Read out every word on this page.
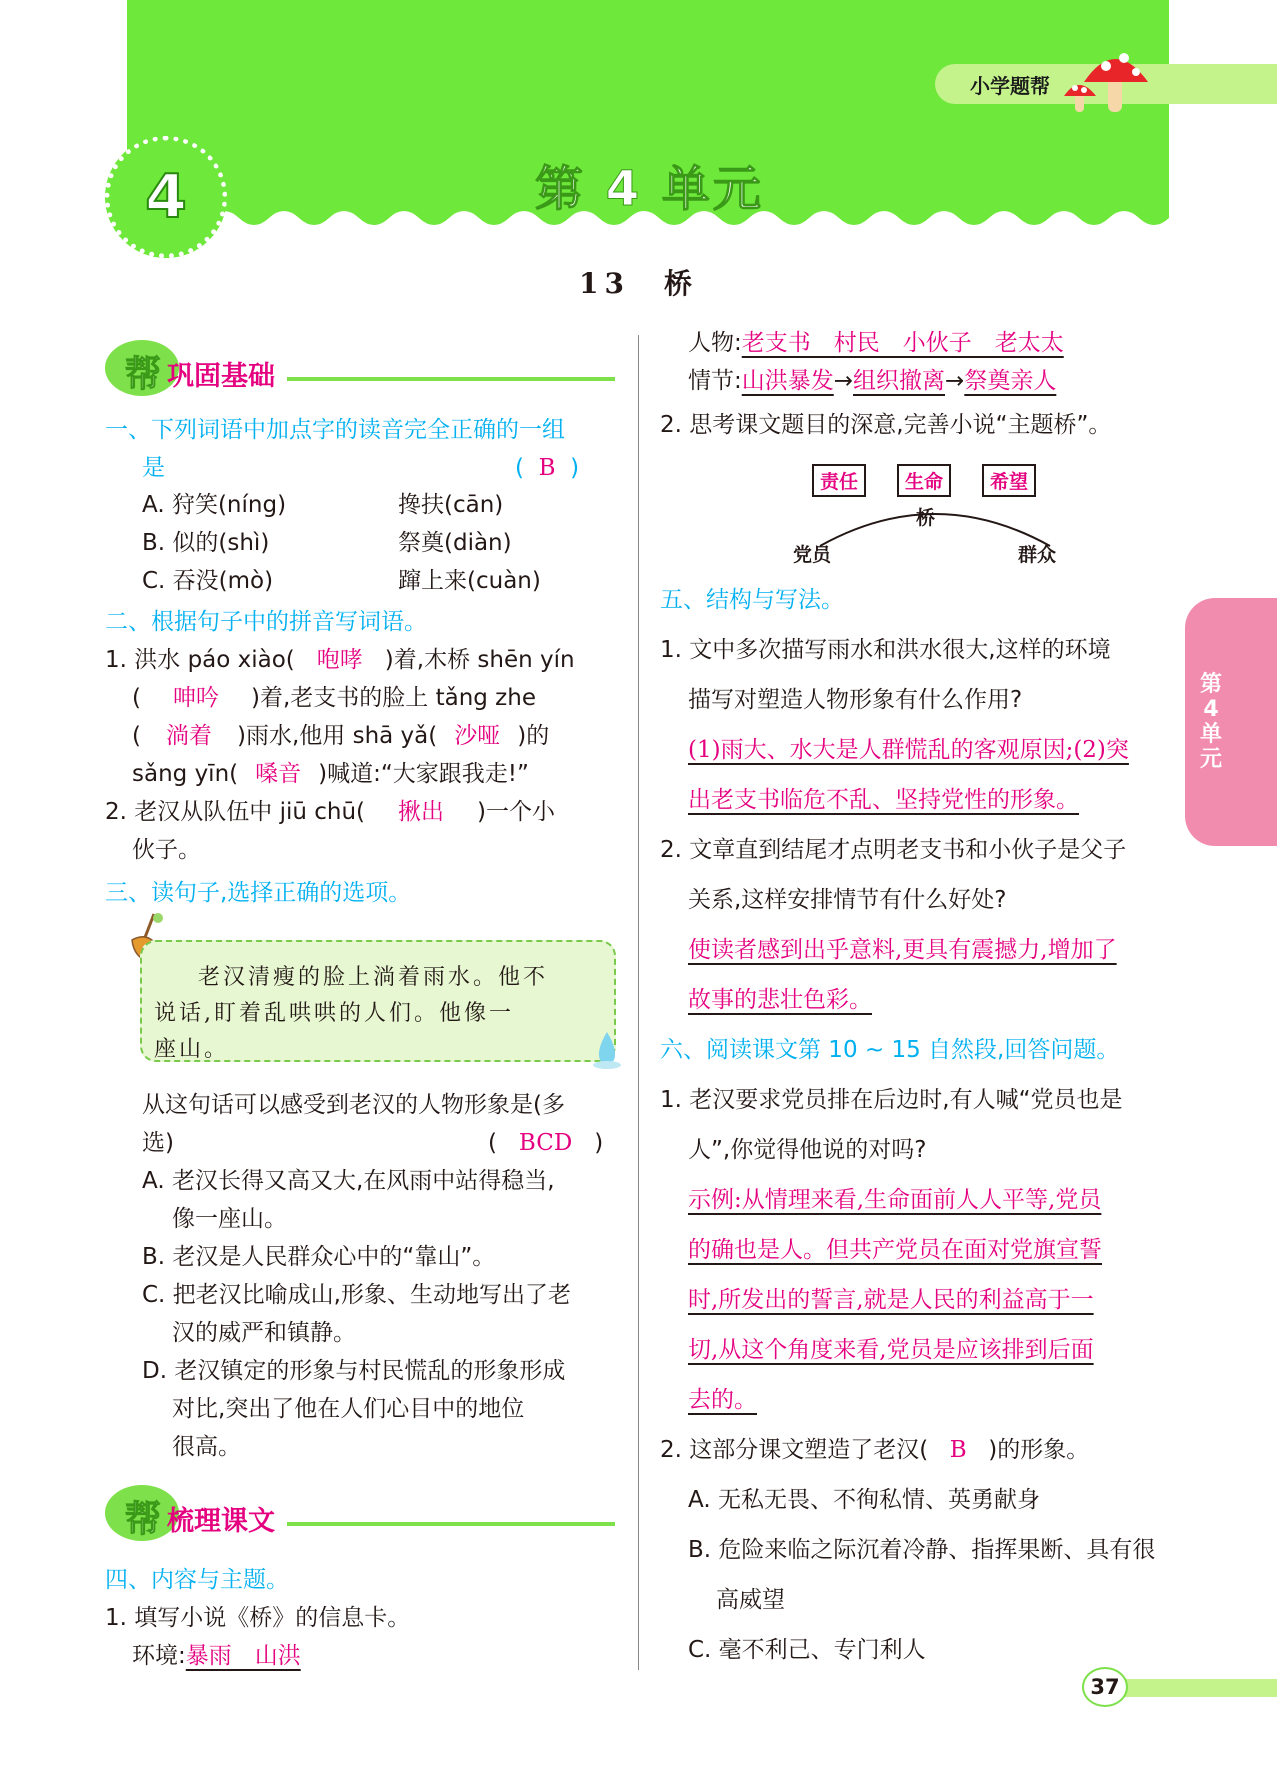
小学题帮
4	第 4 单元
13　桥
第4单元
帮 巩固基础
一、下列词语中加点字的读音完全正确的一组
是	(  B  )
A. 狩笑(níng)	搀扶(cān)
B. 似的(shì)	祭奠(diàn)
C. 吞没(mò)	蹿上来(cuàn)
二、根据句子中的拼音写词语。
1. 洪水 páo xiào( 咆哮 )着,木桥 shēn yín
( 呻吟 )着,老支书的脸上 tǎng zhe
( 淌着 )雨水,他用 shā yǎ( 沙哑 )的
sǎng yīn( 嗓音 )喊道:“大家跟我走!”
2. 老汉从队伍中 jiū chū( 揪出 )一个小
伙子。
三、读句子,选择正确的选项。
老汉清瘦的脸上淌着雨水。他不
说话,盯着乱哄哄的人们。他像一
座山。
从这句话可以感受到老汉的人物形象是(多
选)	(   BCD   )
A. 老汉长得又高又大,在风雨中站得稳当,
像一座山。
B. 老汉是人民群众心中的“靠山”。
C. 把老汉比喻成山,形象、生动地写出了老
汉的威严和镇静。
D. 老汉镇定的形象与村民慌乱的形象形成
对比,突出了他在人们心目中的地位
很高。
帮 梳理课文
四、内容与主题。
1. 填写小说《桥》的信息卡。
环境:暴雨　山洪
人物:老支书　村民　小伙子　老太太
情节:山洪暴发→组织撤离→祭奠亲人
2. 思考课文题目的深意,完善小说“主题桥”。
责任	生命	希望
桥
党员	群众
五、结构与写法。
1. 文中多次描写雨水和洪水很大,这样的环境
描写对塑造人物形象有什么作用?
(1)雨大、水大是人群慌乱的客观原因;(2)突
出老支书临危不乱、坚持党性的形象。
2. 文章直到结尾才点明老支书和小伙子是父子
关系,这样安排情节有什么好处?
使读者感到出乎意料,更具有震撼力,增加了
故事的悲壮色彩。
六、阅读课文第 10 ~ 15 自然段,回答问题。
1. 老汉要求党员排在后边时,有人喊“党员也是
人”,你觉得他说的对吗?
示例:从情理来看,生命面前人人平等,党员
的确也是人。但共产党员在面对党旗宣誓
时,所发出的誓言,就是人民的利益高于一
切,从这个角度来看,党员是应该排到后面
去的。
2. 这部分课文塑造了老汉( B )的形象。
A. 无私无畏、不徇私情、英勇献身
B. 危险来临之际沉着冷静、指挥果断、具有很
高威望
C. 毫不利己、专门利人
37
